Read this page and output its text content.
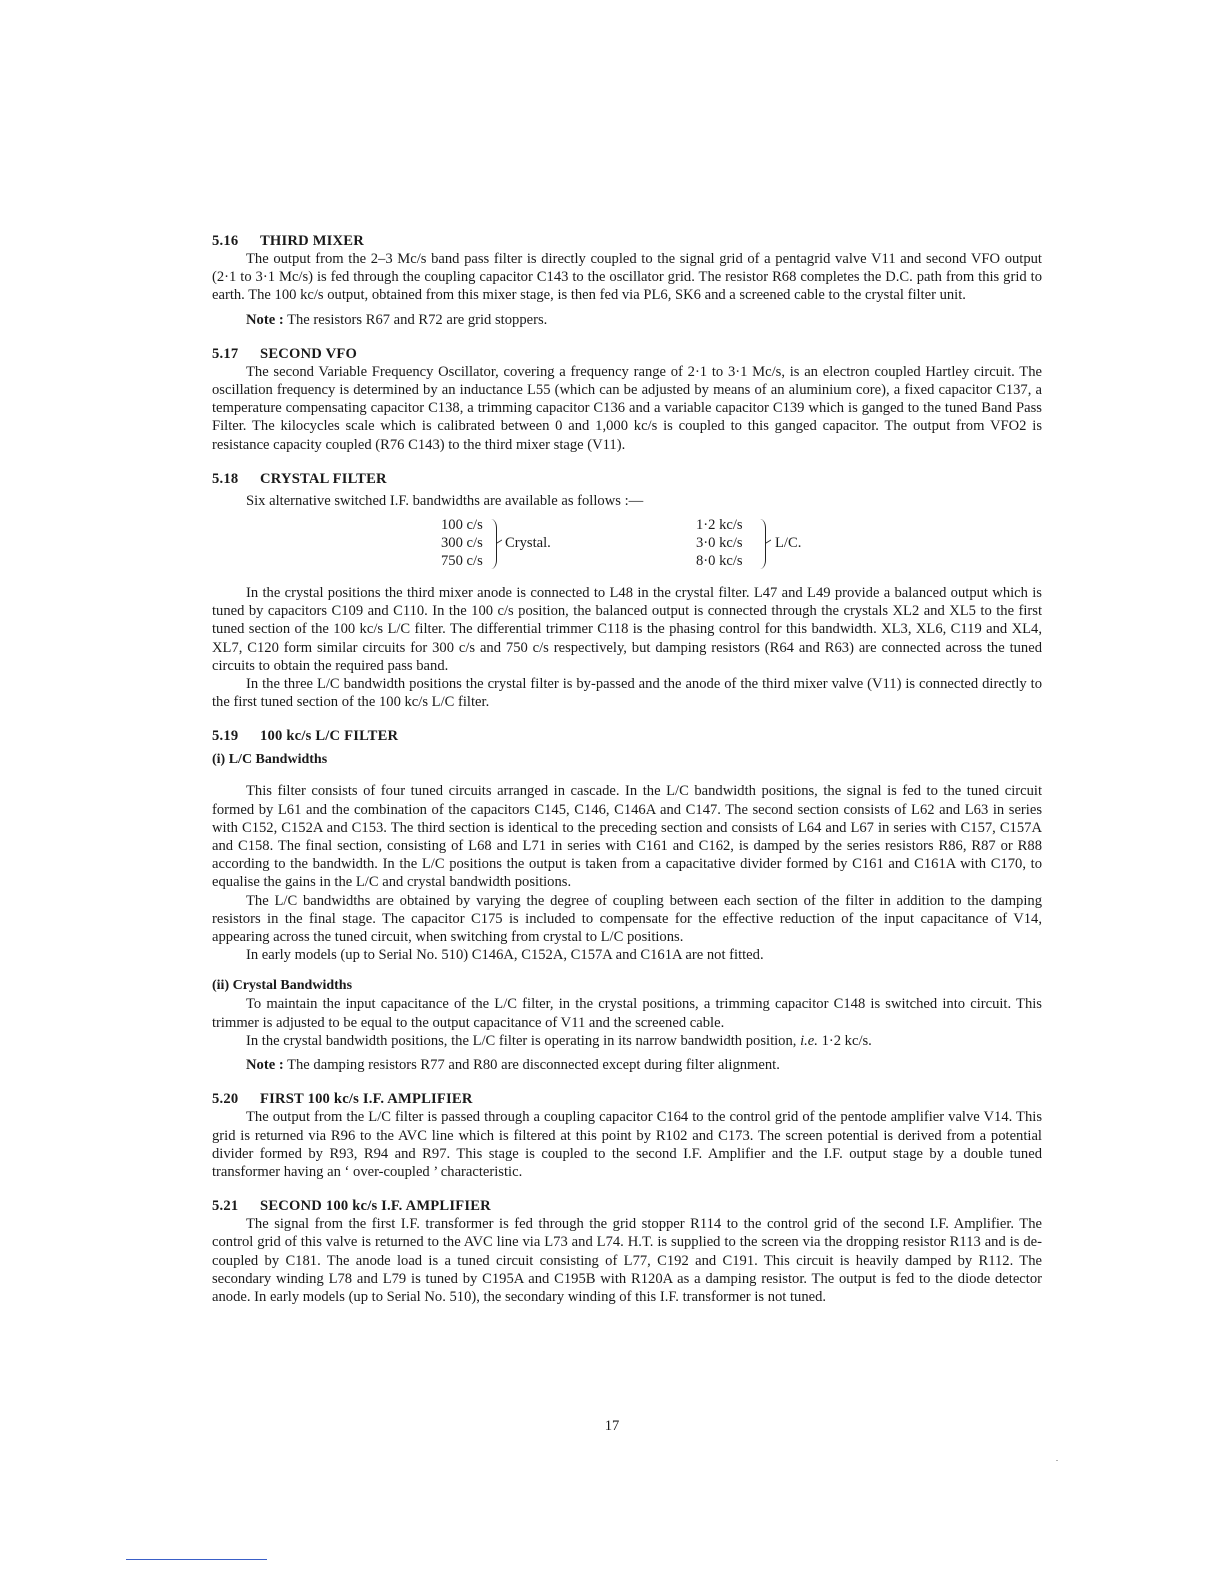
5.16 THIRD MIXER

The output from the 2–3 Mc/s band pass filter is directly coupled to the signal grid of a pentagrid valve V11 and second VFO output (2·1 to 3·1 Mc/s) is fed through the coupling capacitor C143 to the oscillator grid. The resistor R68 completes the D.C. path from this grid to earth. The 100 kc/s output, obtained from this mixer stage, is then fed via PL6, SK6 and a screened cable to the crystal filter unit.

Note : The resistors R67 and R72 are grid stoppers.
5.17 SECOND VFO

The second Variable Frequency Oscillator, covering a frequency range of 2·1 to 3·1 Mc/s, is an electron coupled Hartley circuit. The oscillation frequency is determined by an inductance L55 (which can be adjusted by means of an aluminium core), a fixed capacitor C137, a temperature compensating capacitor C138, a trimming capacitor C136 and a variable capacitor C139 which is ganged to the tuned Band Pass Filter. The kilocycles scale which is calibrated between 0 and 1,000 kc/s is coupled to this ganged capacitor. The output from VFO2 is resistance capacity coupled (R76 C143) to the third mixer stage (V11).

5.18 CRYSTAL FILTER

Six alternative switched I.F. bandwidths are available as follows :—

100 c/s
300 c/s
750 c/s
Crystal.
1·2 kc/s
3·0 kc/s
8·0 kc/s
L/C.

In the crystal positions the third mixer anode is connected to L48 in the crystal filter. L47 and L49 provide a balanced output which is tuned by capacitors C109 and C110. In the 100 c/s position, the balanced output is connected through the crystals XL2 and XL5 to the first tuned section of the 100 kc/s L/C filter. The differential trimmer C118 is the phasing control for this bandwidth. XL3, XL6, C119 and XL4, XL7, C120 form similar circuits for 300 c/s and 750 c/s respectively, but damping resistors (R64 and R63) are connected across the tuned circuits to obtain the required pass band.

In the three L/C bandwidth positions the crystal filter is by-passed and the anode of the third mixer valve (V11) is connected directly to the first tuned section of the 100 kc/s L/C filter.

5.19 100 kc/s L/C FILTER
(i) L/C Bandwidths

This filter consists of four tuned circuits arranged in cascade. In the L/C bandwidth positions, the signal is fed to the tuned circuit formed by L61 and the combination of the capacitors C145, C146, C146A and C147. The second section consists of L62 and L63 in series with C152, C152A and C153. The third section is identical to the preceding section and consists of L64 and L67 in series with C157, C157A and C158. The final section, consisting of L68 and L71 in series with C161 and C162, is damped by the series resistors R86, R87 or R88 according to the bandwidth. In the L/C positions the output is taken from a capacitative divider formed by C161 and C161A with C170, to equalise the gains in the L/C and crystal bandwidth positions.

The L/C bandwidths are obtained by varying the degree of coupling between each section of the filter in addition to the damping resistors in the final stage. The capacitor C175 is included to compensate for the effective reduction of the input capacitance of V14, appearing across the tuned circuit, when switching from crystal to L/C positions.

In early models (up to Serial No. 510) C146A, C152A, C157A and C161A are not fitted.

(ii) Crystal Bandwidths

To maintain the input capacitance of the L/C filter, in the crystal positions, a trimming capacitor C148 is switched into circuit. This trimmer is adjusted to be equal to the output capacitance of V11 and the screened cable.

In the crystal bandwidth positions, the L/C filter is operating in its narrow bandwidth position, i.e. 1·2 kc/s.

Note : The damping resistors R77 and R80 are disconnected except during filter alignment.
5.20 FIRST 100 kc/s I.F. AMPLIFIER

The output from the L/C filter is passed through a coupling capacitor C164 to the control grid of the pentode amplifier valve V14. This grid is returned via R96 to the AVC line which is filtered at this point by R102 and C173. The screen potential is derived from a potential divider formed by R93, R94 and R97. This stage is coupled to the second I.F. Amplifier and the I.F. output stage by a double tuned transformer having an ‘ over-coupled ’ characteristic.

5.21 SECOND 100 kc/s I.F. AMPLIFIER

The signal from the first I.F. transformer is fed through the grid stopper R114 to the control grid of the second I.F. Amplifier. The control grid of this valve is returned to the AVC line via L73 and L74. H.T. is supplied to the screen via the dropping resistor R113 and is de-coupled by C181. The anode load is a tuned circuit consisting of L77, C192 and C191. This circuit is heavily damped by R112. The secondary winding L78 and L79 is tuned by C195A and C195B with R120A as a damping resistor. The output is fed to the diode detector anode. In early models (up to Serial No. 510), the secondary winding of this I.F. transformer is not tuned.

17
